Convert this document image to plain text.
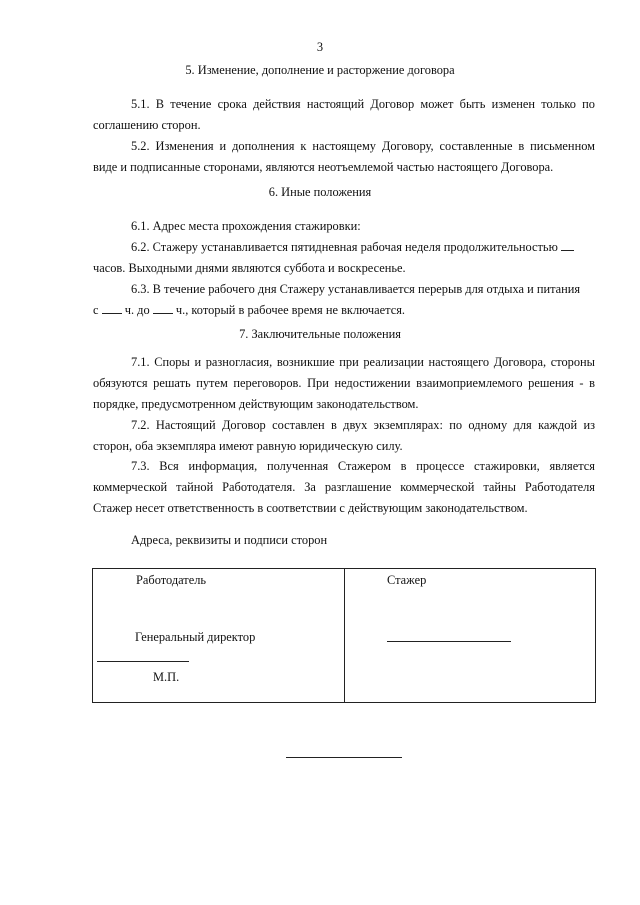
3
5. Изменение, дополнение и расторжение договора
5.1. В течение срока действия настоящий Договор может быть изменен только по соглашению сторон.
5.2. Изменения и дополнения к настоящему Договору, составленные в письменном виде и подписанные сторонами, являются неотъемлемой частью настоящего Договора.
6. Иные положения
6.1. Адрес места прохождения стажировки:
6.2. Стажеру устанавливается пятидневная рабочая неделя продолжительностью
часов. Выходными днями являются суббота и воскресенье.
6.3. В течение рабочего дня Стажеру устанавливается перерыв для отдыха и питания
с ч. до ч., который в рабочее время не включается.
7. Заключительные положения
7.1. Споры и разногласия, возникшие при реализации настоящего Договора, стороны обязуются решать путем переговоров. При недостижении взаимоприемлемого решения - в порядке, предусмотренном действующим законодательством.
7.2. Настоящий Договор составлен в двух экземплярах: по одному для каждой из сторон, оба экземпляра имеют равную юридическую силу.
7.3. Вся информация, полученная Стажером в процессе стажировки, является коммерческой тайной Работодателя. За разглашение коммерческой тайны Работодателя Стажер несет ответственность в соответствии с действующим законодательством.
Адреса, реквизиты и подписи сторон
Работодатель
Генеральный директор
М.П.

Стажер
